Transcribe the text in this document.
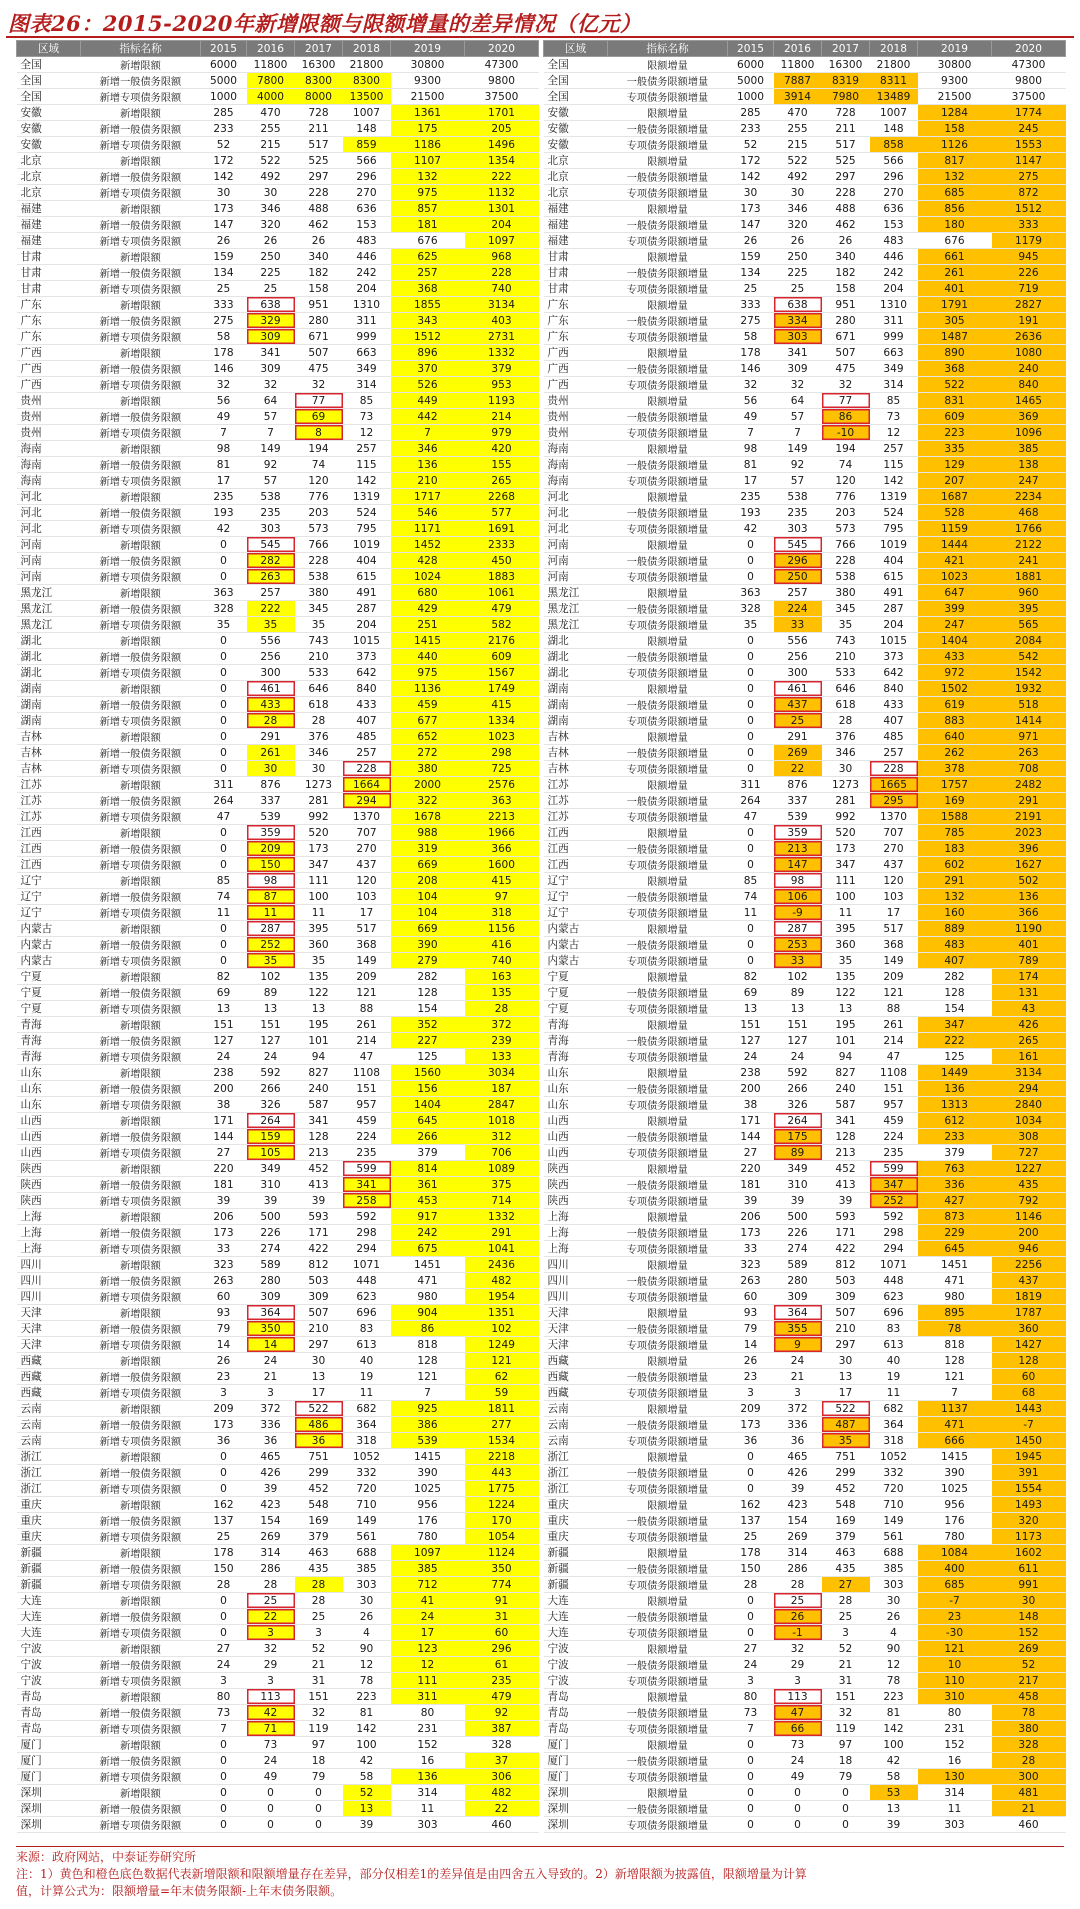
图表26：2015-2020年新增限额与限额增量的差异情况（亿元）
区域	指标名称	2015	2016	2017	2018	2019	2020
全国	新增限额	6000	11800	16300	21800	30800	47300
全国	新增一般债务限额	5000	7800	8300	8300	9300	9800
全国	新增专项债务限额	1000	4000	8000	13500	21500	37500
安徽	新增限额	285	470	728	1007	1361	1701
安徽	新增一般债务限额	233	255	211	148	175	205
安徽	新增专项债务限额	52	215	517	859	1186	1496
北京	新增限额	172	522	525	566	1107	1354
北京	新增一般债务限额	142	492	297	296	132	222
北京	新增专项债务限额	30	30	228	270	975	1132
福建	新增限额	173	346	488	636	857	1301
福建	新增一般债务限额	147	320	462	153	181	204
福建	新增专项债务限额	26	26	26	483	676	1097
甘肃	新增限额	159	250	340	446	625	968
甘肃	新增一般债务限额	134	225	182	242	257	228
甘肃	新增专项债务限额	25	25	158	204	368	740
广东	新增限额	333	638	951	1310	1855	3134
广东	新增一般债务限额	275	329	280	311	343	403
广东	新增专项债务限额	58	309	671	999	1512	2731
广西	新增限额	178	341	507	663	896	1332
广西	新增一般债务限额	146	309	475	349	370	379
广西	新增专项债务限额	32	32	32	314	526	953
贵州	新增限额	56	64	77	85	449	1193
贵州	新增一般债务限额	49	57	69	73	442	214
贵州	新增专项债务限额	7	7	8	12	7	979
海南	新增限额	98	149	194	257	346	420
海南	新增一般债务限额	81	92	74	115	136	155
海南	新增专项债务限额	17	57	120	142	210	265
河北	新增限额	235	538	776	1319	1717	2268
河北	新增一般债务限额	193	235	203	524	546	577
河北	新增专项债务限额	42	303	573	795	1171	1691
河南	新增限额	0	545	766	1019	1452	2333
河南	新增一般债务限额	0	282	228	404	428	450
河南	新增专项债务限额	0	263	538	615	1024	1883
黑龙江	新增限额	363	257	380	491	680	1061
黑龙江	新增一般债务限额	328	222	345	287	429	479
黑龙江	新增专项债务限额	35	35	35	204	251	582
湖北	新增限额	0	556	743	1015	1415	2176
湖北	新增一般债务限额	0	256	210	373	440	609
湖北	新增专项债务限额	0	300	533	642	975	1567
湖南	新增限额	0	461	646	840	1136	1749
湖南	新增一般债务限额	0	433	618	433	459	415
湖南	新增专项债务限额	0	28	28	407	677	1334
吉林	新增限额	0	291	376	485	652	1023
吉林	新增一般债务限额	0	261	346	257	272	298
吉林	新增专项债务限额	0	30	30	228	380	725
江苏	新增限额	311	876	1273	1664	2000	2576
江苏	新增一般债务限额	264	337	281	294	322	363
江苏	新增专项债务限额	47	539	992	1370	1678	2213
江西	新增限额	0	359	520	707	988	1966
江西	新增一般债务限额	0	209	173	270	319	366
江西	新增专项债务限额	0	150	347	437	669	1600
辽宁	新增限额	85	98	111	120	208	415
辽宁	新增一般债务限额	74	87	100	103	104	97
辽宁	新增专项债务限额	11	11	11	17	104	318
内蒙古	新增限额	0	287	395	517	669	1156
内蒙古	新增一般债务限额	0	252	360	368	390	416
内蒙古	新增专项债务限额	0	35	35	149	279	740
宁夏	新增限额	82	102	135	209	282	163
宁夏	新增一般债务限额	69	89	122	121	128	135
宁夏	新增专项债务限额	13	13	13	88	154	28
青海	新增限额	151	151	195	261	352	372
青海	新增一般债务限额	127	127	101	214	227	239
青海	新增专项债务限额	24	24	94	47	125	133
山东	新增限额	238	592	827	1108	1560	3034
山东	新增一般债务限额	200	266	240	151	156	187
山东	新增专项债务限额	38	326	587	957	1404	2847
山西	新增限额	171	264	341	459	645	1018
山西	新增一般债务限额	144	159	128	224	266	312
山西	新增专项债务限额	27	105	213	235	379	706
陕西	新增限额	220	349	452	599	814	1089
陕西	新增一般债务限额	181	310	413	341	361	375
陕西	新增专项债务限额	39	39	39	258	453	714
上海	新增限额	206	500	593	592	917	1332
上海	新增一般债务限额	173	226	171	298	242	291
上海	新增专项债务限额	33	274	422	294	675	1041
四川	新增限额	323	589	812	1071	1451	2436
四川	新增一般债务限额	263	280	503	448	471	482
四川	新增专项债务限额	60	309	309	623	980	1954
天津	新增限额	93	364	507	696	904	1351
天津	新增一般债务限额	79	350	210	83	86	102
天津	新增专项债务限额	14	14	297	613	818	1249
西藏	新增限额	26	24	30	40	128	121
西藏	新增一般债务限额	23	21	13	19	121	62
西藏	新增专项债务限额	3	3	17	11	7	59
云南	新增限额	209	372	522	682	925	1811
云南	新增一般债务限额	173	336	486	364	386	277
云南	新增专项债务限额	36	36	36	318	539	1534
浙江	新增限额	0	465	751	1052	1415	2218
浙江	新增一般债务限额	0	426	299	332	390	443
浙江	新增专项债务限额	0	39	452	720	1025	1775
重庆	新增限额	162	423	548	710	956	1224
重庆	新增一般债务限额	137	154	169	149	176	170
重庆	新增专项债务限额	25	269	379	561	780	1054
新疆	新增限额	178	314	463	688	1097	1124
新疆	新增一般债务限额	150	286	435	385	385	350
新疆	新增专项债务限额	28	28	28	303	712	774
大连	新增限额	0	25	28	30	41	91
大连	新增一般债务限额	0	22	25	26	24	31
大连	新增专项债务限额	0	3	3	4	17	60
宁波	新增限额	27	32	52	90	123	296
宁波	新增一般债务限额	24	29	21	12	12	61
宁波	新增专项债务限额	3	3	31	78	111	235
青岛	新增限额	80	113	151	223	311	479
青岛	新增一般债务限额	73	42	32	81	80	92
青岛	新增专项债务限额	7	71	119	142	231	387
厦门	新增限额	0	73	97	100	152	328
厦门	新增一般债务限额	0	24	18	42	16	37
厦门	新增专项债务限额	0	49	79	58	136	306
深圳	新增限额	0	0	0	52	314	482
深圳	新增一般债务限额	0	0	0	13	11	22
深圳	新增专项债务限额	0	0	0	39	303	460
区域	指标名称	2015	2016	2017	2018	2019	2020
全国	限额增量	6000	11800	16300	21800	30800	47300
全国	一般债务限额增量	5000	7887	8319	8311	9300	9800
全国	专项债务限额增量	1000	3914	7980	13489	21500	37500
安徽	限额增量	285	470	728	1007	1284	1774
安徽	一般债务限额增量	233	255	211	148	158	245
安徽	专项债务限额增量	52	215	517	858	1126	1553
北京	限额增量	172	522	525	566	817	1147
北京	一般债务限额增量	142	492	297	296	132	275
北京	专项债务限额增量	30	30	228	270	685	872
福建	限额增量	173	346	488	636	856	1512
福建	一般债务限额增量	147	320	462	153	180	333
福建	专项债务限额增量	26	26	26	483	676	1179
甘肃	限额增量	159	250	340	446	661	945
甘肃	一般债务限额增量	134	225	182	242	261	226
甘肃	专项债务限额增量	25	25	158	204	401	719
广东	限额增量	333	638	951	1310	1791	2827
广东	一般债务限额增量	275	334	280	311	305	191
广东	专项债务限额增量	58	303	671	999	1487	2636
广西	限额增量	178	341	507	663	890	1080
广西	一般债务限额增量	146	309	475	349	368	240
广西	专项债务限额增量	32	32	32	314	522	840
贵州	限额增量	56	64	77	85	831	1465
贵州	一般债务限额增量	49	57	86	73	609	369
贵州	专项债务限额增量	7	7	-10	12	223	1096
海南	限额增量	98	149	194	257	335	385
海南	一般债务限额增量	81	92	74	115	129	138
海南	专项债务限额增量	17	57	120	142	207	247
河北	限额增量	235	538	776	1319	1687	2234
河北	一般债务限额增量	193	235	203	524	528	468
河北	专项债务限额增量	42	303	573	795	1159	1766
河南	限额增量	0	545	766	1019	1444	2122
河南	一般债务限额增量	0	296	228	404	421	241
河南	专项债务限额增量	0	250	538	615	1023	1881
黑龙江	限额增量	363	257	380	491	647	960
黑龙江	一般债务限额增量	328	224	345	287	399	395
黑龙江	专项债务限额增量	35	33	35	204	247	565
湖北	限额增量	0	556	743	1015	1404	2084
湖北	一般债务限额增量	0	256	210	373	433	542
湖北	专项债务限额增量	0	300	533	642	972	1542
湖南	限额增量	0	461	646	840	1502	1932
湖南	一般债务限额增量	0	437	618	433	619	518
湖南	专项债务限额增量	0	25	28	407	883	1414
吉林	限额增量	0	291	376	485	640	971
吉林	一般债务限额增量	0	269	346	257	262	263
吉林	专项债务限额增量	0	22	30	228	378	708
江苏	限额增量	311	876	1273	1665	1757	2482
江苏	一般债务限额增量	264	337	281	295	169	291
江苏	专项债务限额增量	47	539	992	1370	1588	2191
江西	限额增量	0	359	520	707	785	2023
江西	一般债务限额增量	0	213	173	270	183	396
江西	专项债务限额增量	0	147	347	437	602	1627
辽宁	限额增量	85	98	111	120	291	502
辽宁	一般债务限额增量	74	106	100	103	132	136
辽宁	专项债务限额增量	11	-9	11	17	160	366
内蒙古	限额增量	0	287	395	517	889	1190
内蒙古	一般债务限额增量	0	253	360	368	483	401
内蒙古	专项债务限额增量	0	33	35	149	407	789
宁夏	限额增量	82	102	135	209	282	174
宁夏	一般债务限额增量	69	89	122	121	128	131
宁夏	专项债务限额增量	13	13	13	88	154	43
青海	限额增量	151	151	195	261	347	426
青海	一般债务限额增量	127	127	101	214	222	265
青海	专项债务限额增量	24	24	94	47	125	161
山东	限额增量	238	592	827	1108	1449	3134
山东	一般债务限额增量	200	266	240	151	136	294
山东	专项债务限额增量	38	326	587	957	1313	2840
山西	限额增量	171	264	341	459	612	1034
山西	一般债务限额增量	144	175	128	224	233	308
山西	专项债务限额增量	27	89	213	235	379	727
陕西	限额增量	220	349	452	599	763	1227
陕西	一般债务限额增量	181	310	413	347	336	435
陕西	专项债务限额增量	39	39	39	252	427	792
上海	限额增量	206	500	593	592	873	1146
上海	一般债务限额增量	173	226	171	298	229	200
上海	专项债务限额增量	33	274	422	294	645	946
四川	限额增量	323	589	812	1071	1451	2256
四川	一般债务限额增量	263	280	503	448	471	437
四川	专项债务限额增量	60	309	309	623	980	1819
天津	限额增量	93	364	507	696	895	1787
天津	一般债务限额增量	79	355	210	83	78	360
天津	专项债务限额增量	14	9	297	613	818	1427
西藏	限额增量	26	24	30	40	128	128
西藏	一般债务限额增量	23	21	13	19	121	60
西藏	专项债务限额增量	3	3	17	11	7	68
云南	限额增量	209	372	522	682	1137	1443
云南	一般债务限额增量	173	336	487	364	471	-7
云南	专项债务限额增量	36	36	35	318	666	1450
浙江	限额增量	0	465	751	1052	1415	1945
浙江	一般债务限额增量	0	426	299	332	390	391
浙江	专项债务限额增量	0	39	452	720	1025	1554
重庆	限额增量	162	423	548	710	956	1493
重庆	一般债务限额增量	137	154	169	149	176	320
重庆	专项债务限额增量	25	269	379	561	780	1173
新疆	限额增量	178	314	463	688	1084	1602
新疆	一般债务限额增量	150	286	435	385	400	611
新疆	专项债务限额增量	28	28	27	303	685	991
大连	限额增量	0	25	28	30	-7	30
大连	一般债务限额增量	0	26	25	26	23	148
大连	专项债务限额增量	0	-1	3	4	-30	152
宁波	限额增量	27	32	52	90	121	269
宁波	一般债务限额增量	24	29	21	12	10	52
宁波	专项债务限额增量	3	3	31	78	110	217
青岛	限额增量	80	113	151	223	310	458
青岛	一般债务限额增量	73	47	32	81	80	78
青岛	专项债务限额增量	7	66	119	142	231	380
厦门	限额增量	0	73	97	100	152	328
厦门	一般债务限额增量	0	24	18	42	16	28
厦门	专项债务限额增量	0	49	79	58	130	300
深圳	限额增量	0	0	0	53	314	481
深圳	一般债务限额增量	0	0	0	13	11	21
深圳	专项债务限额增量	0	0	0	39	303	460
来源：政府网站，中泰证券研究所
注：1）黄色和橙色底色数据代表新增限额和限额增量存在差异，部分仅相差1的差异值是由四舍五入导致的。2）新增限额为披露值，限额增量为计算
值，计算公式为：限额增量=年末债务限额-上年末债务限额。
